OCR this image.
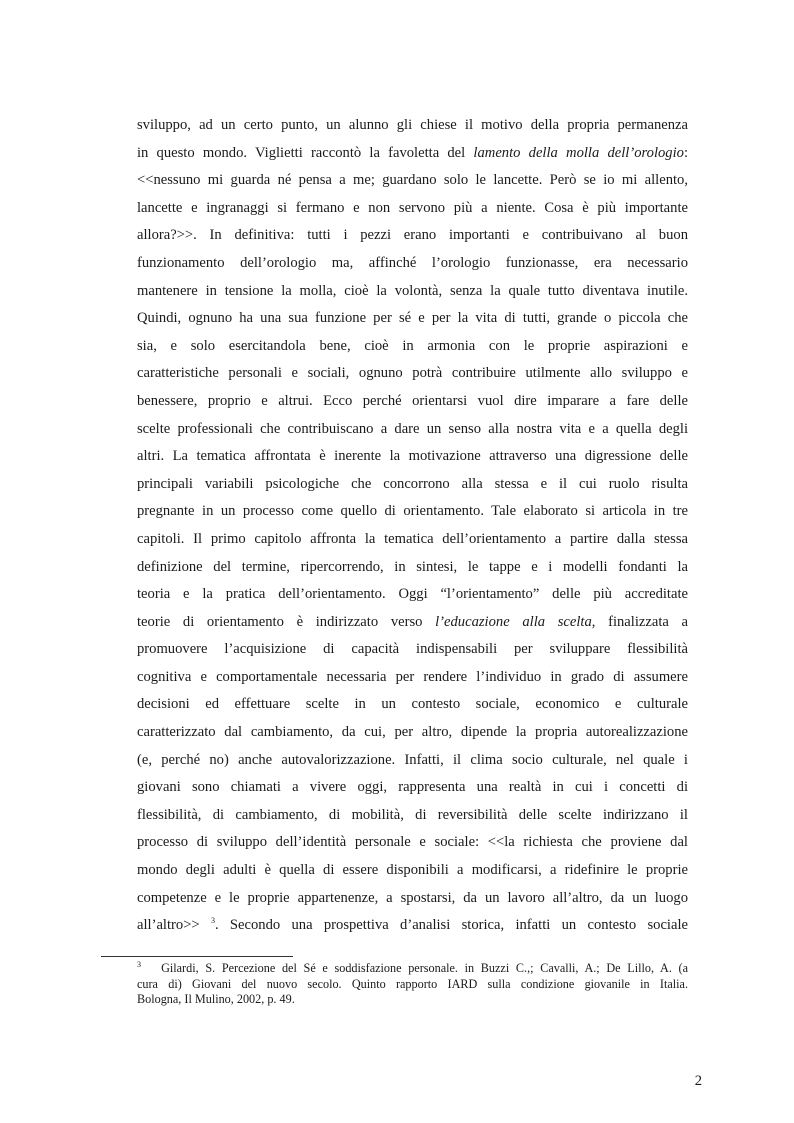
sviluppo, ad un certo punto, un alunno gli chiese il motivo della propria permanenza
in questo mondo. Viglietti raccontò la favoletta del lamento della molla dell’orologio:
<<nessuno mi guarda né pensa a me; guardano solo le lancette. Però se io mi allento,
lancette e ingranaggi si fermano e non servono più a niente. Cosa è più importante
allora?>>. In definitiva: tutti i pezzi erano importanti e contribuivano al buon
funzionamento dell’orologio ma, affinché l’orologio funzionasse, era necessario
mantenere in tensione la molla, cioè la volontà, senza la quale tutto diventava inutile.
Quindi, ognuno ha una sua funzione per sé e per la vita di tutti, grande o piccola che
sia, e solo esercitandola bene, cioè in armonia con le proprie aspirazioni e
caratteristiche personali e sociali, ognuno potrà contribuire utilmente allo sviluppo e
benessere, proprio e altrui. Ecco perché orientarsi vuol dire imparare a fare delle
scelte professionali che contribuiscano a dare un senso alla nostra vita e a quella degli
altri. La tematica affrontata è inerente la motivazione attraverso una digressione delle
principali variabili psicologiche che concorrono alla stessa e il cui ruolo risulta
pregnante in un processo come quello di orientamento. Tale elaborato si articola in tre
capitoli. Il primo capitolo affronta la tematica dell’orientamento a partire dalla stessa
definizione del termine, ripercorrendo, in sintesi, le tappe e i modelli fondanti la
teoria e la pratica dell’orientamento. Oggi “l’orientamento” delle più accreditate
teorie di orientamento è indirizzato verso l’educazione alla scelta, finalizzata a
promuovere l’acquisizione di capacità indispensabili per sviluppare flessibilità
cognitiva e comportamentale necessaria per rendere l’individuo in grado di assumere
decisioni ed effettuare scelte in un contesto sociale, economico e culturale
caratterizzato dal cambiamento, da cui, per altro, dipende la propria autorealizzazione
(e, perché no) anche autovalorizzazione. Infatti, il clima socio culturale, nel quale i
giovani sono chiamati a vivere oggi, rappresenta una realtà in cui i concetti di
flessibilità, di cambiamento, di mobilità, di reversibilità delle scelte indirizzano il
processo di sviluppo dell’identità personale e sociale: <<la richiesta che proviene dal
mondo degli adulti è quella di essere disponibili a modificarsi, a ridefinire le proprie
competenze e le proprie appartenenze, a spostarsi, da un lavoro all’altro, da un luogo
all’altro>> $^3$. Secondo una prospettiva d’analisi storica, infatti un contesto sociale
$^3$ Gilardi, S. Percezione del Sé e soddisfazione personale. in Buzzi C.,; Cavalli, A.; De Lillo, A. (a
cura di) Giovani del nuovo secolo. Quinto rapporto IARD sulla condizione giovanile in Italia.
Bologna, Il Mulino, 2002, p. 49.
2
